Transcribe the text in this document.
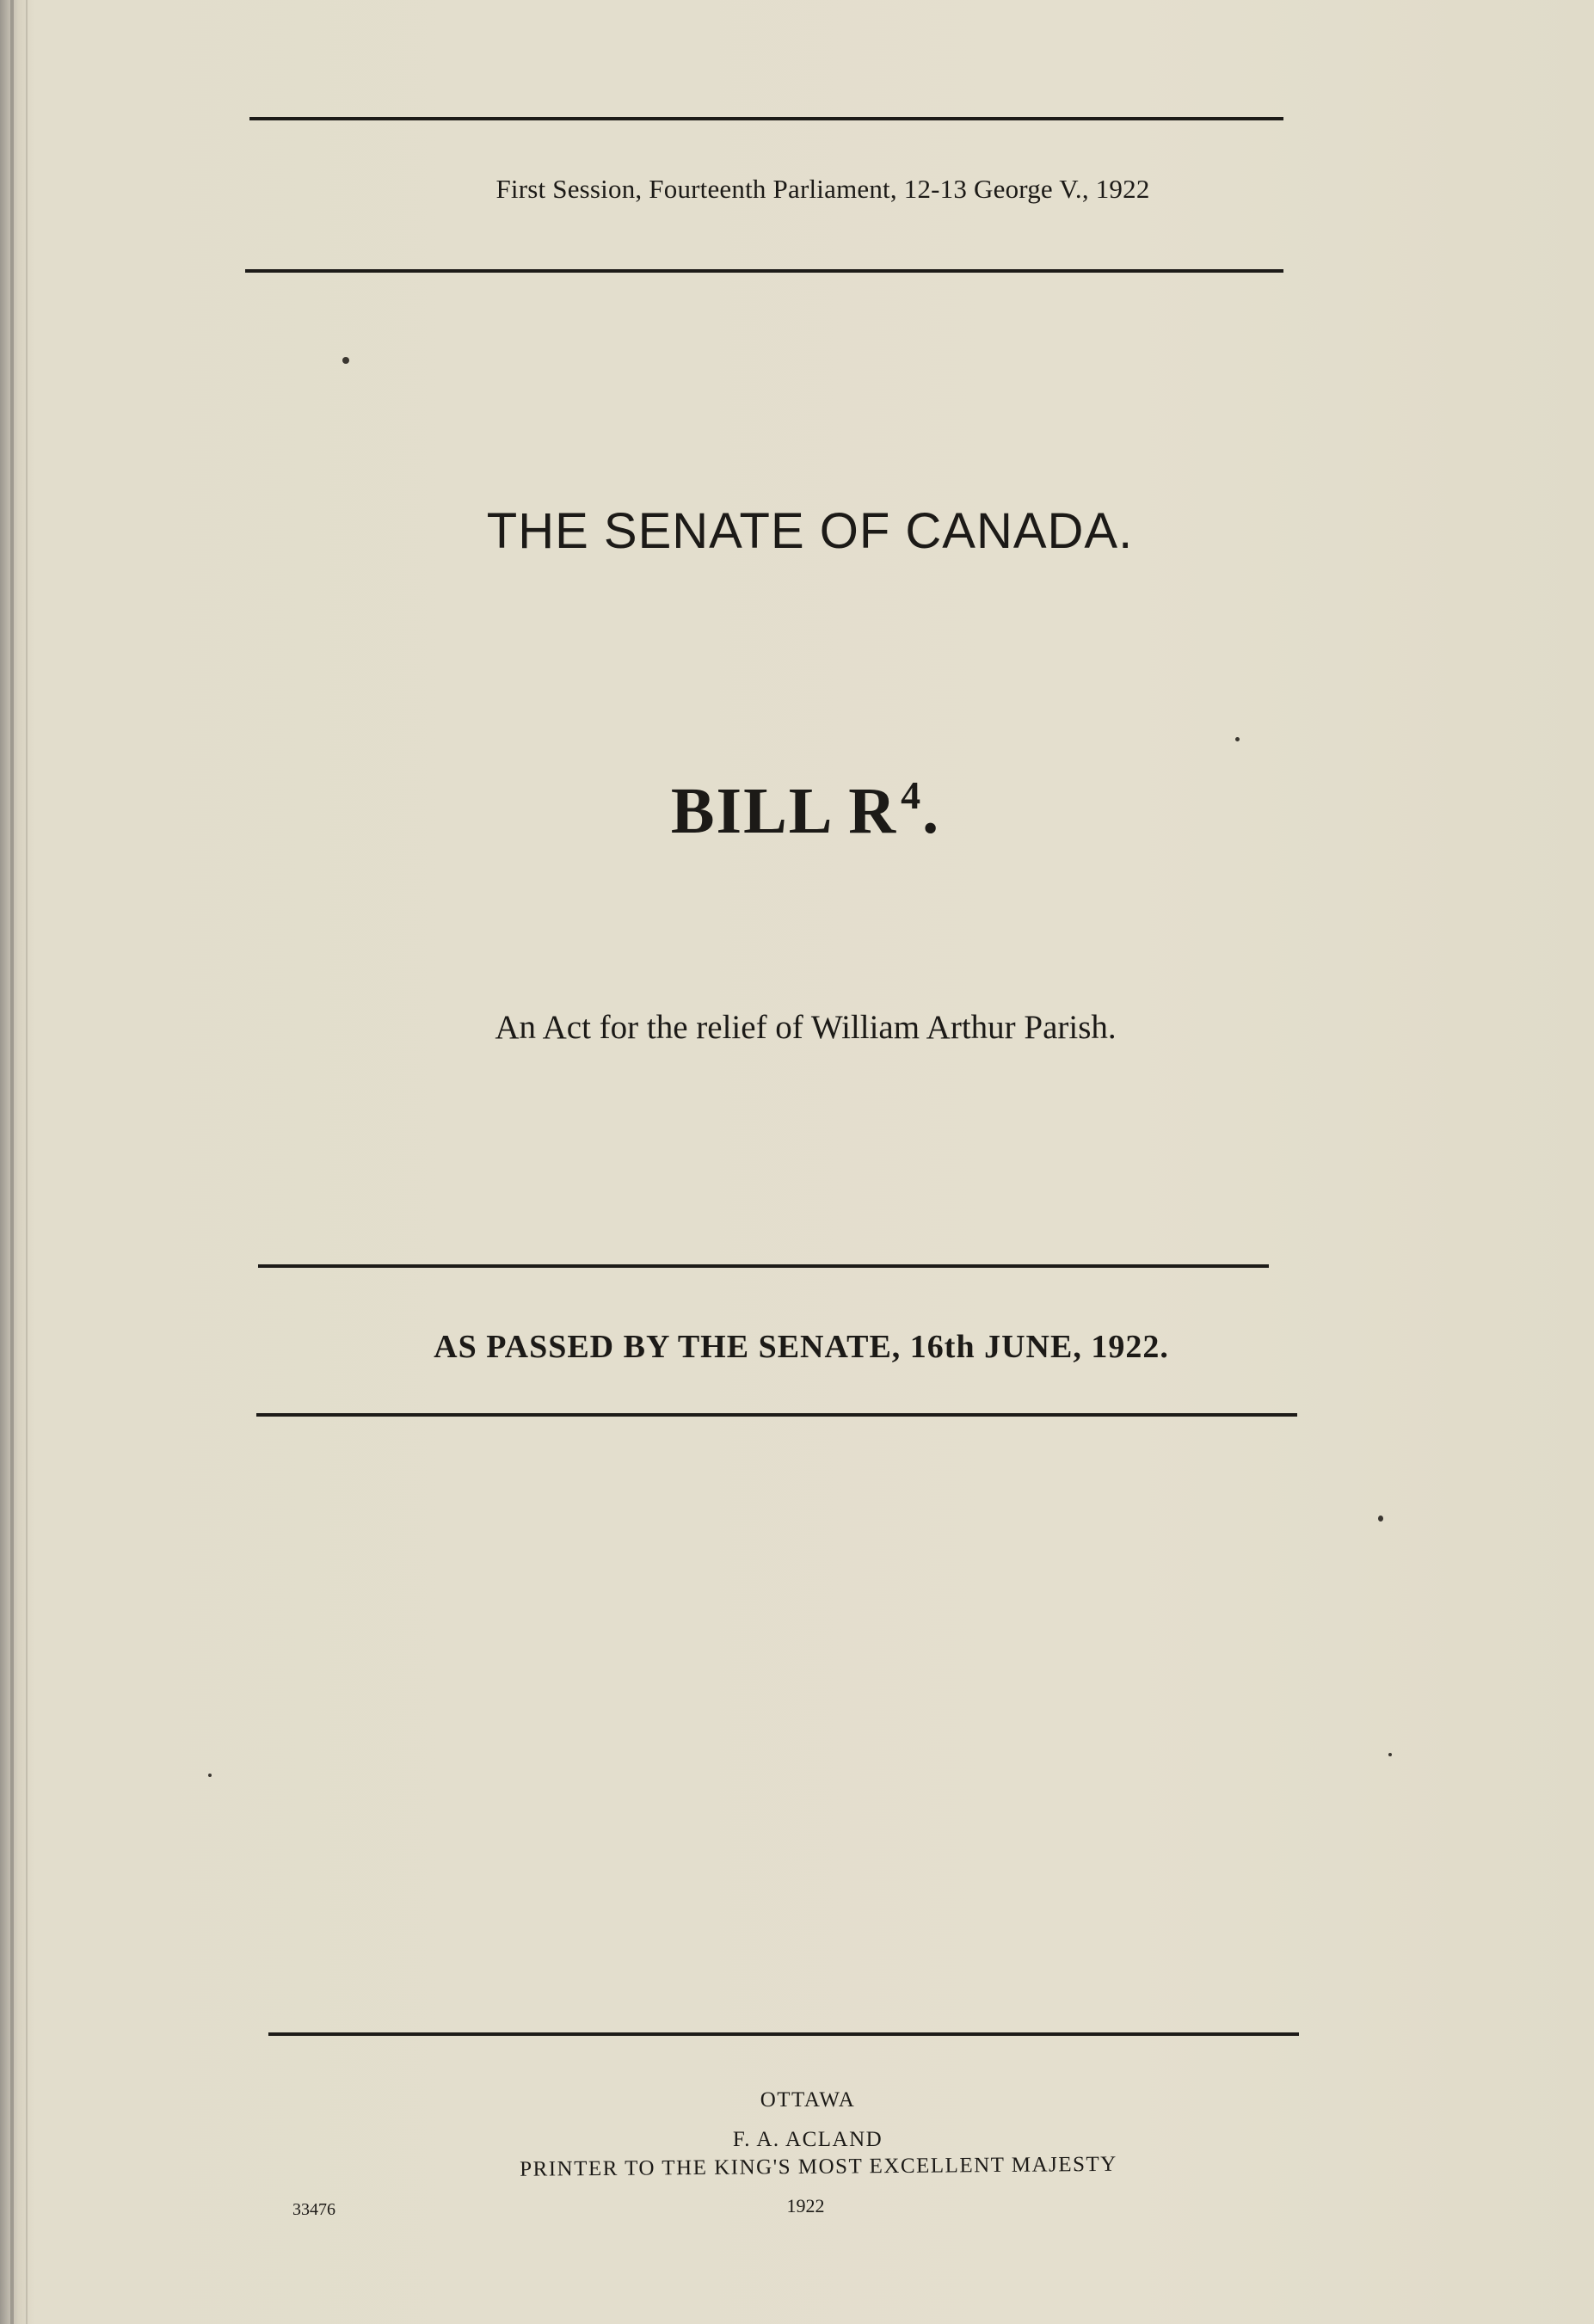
First Session, Fourteenth Parliament, 12-13 George V., 1922
THE SENATE OF CANADA.
BILL $R^4$.
An Act for the relief of William Arthur Parish.
AS PASSED BY THE SENATE, 16th JUNE, 1922.
OTTAWA
F. A. ACLAND
PRINTER TO THE KING'S MOST EXCELLENT MAJESTY
1922
33476
